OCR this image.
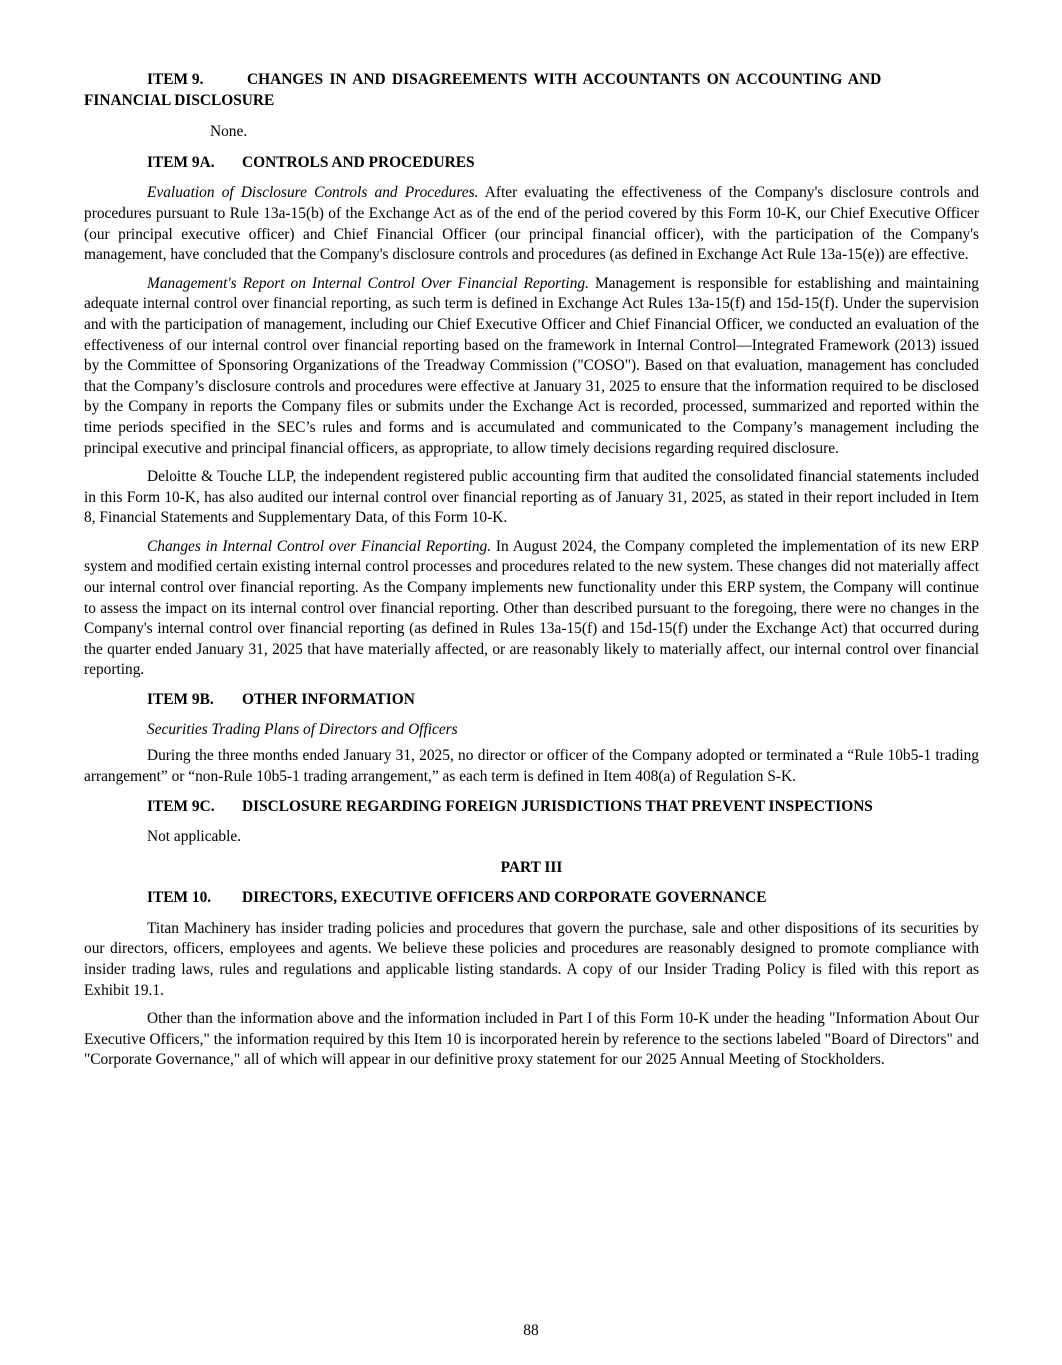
ITEM 9.	CHANGES IN AND DISAGREEMENTS WITH ACCOUNTANTS ON ACCOUNTING AND
FINANCIAL DISCLOSURE

None.

ITEM 9A. CONTROLS AND PROCEDURES

Evaluation of Disclosure Controls and Procedures. After evaluating the effectiveness of the Company's disclosure controls and procedures pursuant to Rule 13a-15(b) of the Exchange Act as of the end of the period covered by this Form 10-K, our Chief Executive Officer (our principal executive officer) and Chief Financial Officer (our principal financial officer), with the participation of the Company's management, have concluded that the Company's disclosure controls and procedures (as defined in Exchange Act Rule 13a-15(e)) are effective.

Management's Report on Internal Control Over Financial Reporting. Management is responsible for establishing and maintaining adequate internal control over financial reporting, as such term is defined in Exchange Act Rules 13a-15(f) and 15d-15(f). Under the supervision and with the participation of management, including our Chief Executive Officer and Chief Financial Officer, we conducted an evaluation of the effectiveness of our internal control over financial reporting based on the framework in Internal Control—Integrated Framework (2013) issued by the Committee of Sponsoring Organizations of the Treadway Commission ("COSO"). Based on that evaluation, management has concluded that the Company’s disclosure controls and procedures were effective at January 31, 2025 to ensure that the information required to be disclosed by the Company in reports the Company files or submits under the Exchange Act is recorded, processed, summarized and reported within the time periods specified in the SEC’s rules and forms and is accumulated and communicated to the Company’s management including the principal executive and principal financial officers, as appropriate, to allow timely decisions regarding required disclosure.

Deloitte & Touche LLP, the independent registered public accounting firm that audited the consolidated financial statements included in this Form 10-K, has also audited our internal control over financial reporting as of January 31, 2025, as stated in their report included in Item 8, Financial Statements and Supplementary Data, of this Form 10-K.

Changes in Internal Control over Financial Reporting. In August 2024, the Company completed the implementation of its new ERP system and modified certain existing internal control processes and procedures related to the new system. These changes did not materially affect our internal control over financial reporting. As the Company implements new functionality under this ERP system, the Company will continue to assess the impact on its internal control over financial reporting. Other than described pursuant to the foregoing, there were no changes in the Company's internal control over financial reporting (as defined in Rules 13a-15(f) and 15d-15(f) under the Exchange Act) that occurred during the quarter ended January 31, 2025 that have materially affected, or are reasonably likely to materially affect, our internal control over financial reporting.

ITEM 9B. OTHER INFORMATION

Securities Trading Plans of Directors and Officers

During the three months ended January 31, 2025, no director or officer of the Company adopted or terminated a “Rule 10b5-1 trading arrangement” or “non-Rule 10b5-1 trading arrangement,” as each term is defined in Item 408(a) of Regulation S-K.

ITEM 9C. DISCLOSURE REGARDING FOREIGN JURISDICTIONS THAT PREVENT INSPECTIONS

Not applicable.

PART III

ITEM 10. DIRECTORS, EXECUTIVE OFFICERS AND CORPORATE GOVERNANCE

Titan Machinery has insider trading policies and procedures that govern the purchase, sale and other dispositions of its securities by our directors, officers, employees and agents. We believe these policies and procedures are reasonably designed to promote compliance with insider trading laws, rules and regulations and applicable listing standards. A copy of our Insider Trading Policy is filed with this report as Exhibit 19.1.

Other than the information above and the information included in Part I of this Form 10-K under the heading "Information About Our Executive Officers," the information required by this Item 10 is incorporated herein by reference to the sections labeled "Board of Directors" and "Corporate Governance," all of which will appear in our definitive proxy statement for our 2025 Annual Meeting of Stockholders.

88
